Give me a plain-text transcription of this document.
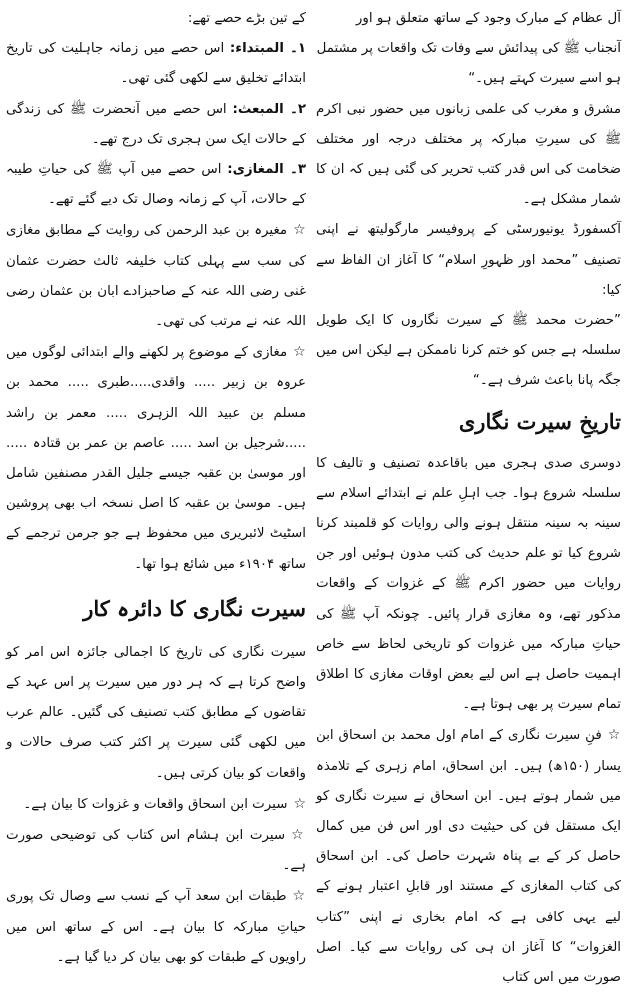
آل عظام کے مبارک وجود کے ساتھ متعلق ہو اور

آنجناب ﷺ کی پیدائش سے وفات تک واقعات پر مشتمل

ہو اسے سیرت کہتے ہیں۔“

مشرق و مغرب کی علمی زبانوں میں حضور نبی اکرم ﷺ کی سیرتِ مبارکہ پر مختلف درجہ اور مختلف ضخامت کی اس قدر کتب تحریر کی گئی ہیں کہ ان کا شمار مشکل ہے۔

آکسفورڈ یونیورسٹی کے پروفیسر مارگولیتھ نے اپنی تصنیف ”محمد اور ظہورِ اسلام“ کا آغاز ان الفاظ سے کیا:

”حضرت محمد ﷺ کے سیرت نگاروں کا ایک طویل سلسلہ ہے جس کو ختم کرنا ناممکن ہے لیکن اس میں جگہ پانا باعث شرف ہے۔“

تاریخِ سیرت نگاری

دوسری صدی ہجری میں باقاعدہ تصنیف و تالیف کا سلسلہ شروع ہوا۔ جب اہلِ علم نے ابتدائے اسلام سے سینہ بہ سینہ منتقل ہونے والی روایات کو قلمبند کرنا شروع کیا تو علم حدیث کی کتب مدون ہوئیں اور جن روایات میں حضور اکرم ﷺ کے غزوات کے واقعات مذکور تھے، وہ مغازی قرار پائیں۔ چونکہ آپ ﷺ کی حیاتِ مبارکہ میں غزوات کو تاریخی لحاظ سے خاص اہمیت حاصل ہے اس لیے بعض اوقات مغازی کا اطلاق تمام سیرت پر بھی ہوتا ہے۔

☆فنِ سیرت نگاری کے امام اول محمد بن اسحاق ابن یسار (۱۵۰ھ) ہیں۔ ابن اسحاق، امام زہری کے تلامذہ میں شمار ہوتے ہیں۔ ابن اسحاق نے سیرت نگاری کو ایک مستقل فن کی حیثیت دی اور اس فن میں کمال حاصل کر کے بے پناہ شہرت حاصل کی۔ ابن اسحاق کی کتاب المغازی کے مستند اور قابلِ اعتبار ہونے کے لیے یہی کافی ہے کہ امام بخاری نے اپنی ”کتاب الغزوات“ کا آغاز ان ہی کی روایات سے کیا۔ اصل صورت میں اس کتاب

کے تین بڑے حصے تھے:

۱۔ المبتداء: اس حصے میں زمانہ جاہلیت کی تاریخ ابتدائے تخلیق سے لکھی گئی تھی۔

۲۔ المبعث: اس حصے میں آنحضرت ﷺ کی زندگی کے حالات ایک سن ہجری تک درج تھے۔

۳۔ المغازی: اس حصے میں آپ ﷺ کی حیاتِ طیبہ کے حالات، آپ کے زمانہ وصال تک دیے گئے تھے۔

☆مغیرہ بن عبد الرحمن کی روایت کے مطابق مغازی کی سب سے پہلی کتاب خلیفہ ثالث حضرت عثمان غنی رضی اللہ عنہ کے صاحبزادے ابان بن عثمان رضی اللہ عنہ نے مرتب کی تھی۔

☆مغازی کے موضوع پر لکھنے والے ابتدائی لوگوں میں عروہ بن زبیر ..... واقدی.....طبری ..... محمد بن مسلم بن عبید اللہ الزہری ..... معمر بن راشد .....شرجیل بن اسد ..... عاصم بن عمر بن قتادہ ..... اور موسیٰ بن عقبہ جیسے جلیل القدر مصنفین شامل ہیں۔ موسیٰ بن عقبہ کا اصل نسخہ اب بھی پروشین اسٹیٹ لائبریری میں محفوظ ہے جو جرمن ترجمے کے ساتھ ۱۹۰۴ء میں شائع ہوا تھا۔

سیرت نگاری کا دائرہ کار

سیرت نگاری کی تاریخ کا اجمالی جائزہ اس امر کو واضح کرتا ہے کہ ہر دور میں سیرت پر اس عہد کے تقاضوں کے مطابق کتب تصنیف کی گئیں۔ عالم عرب میں لکھی گئی سیرت پر اکثر کتب صرف حالات و واقعات کو بیان کرتی ہیں۔

☆سیرت ابن اسحاق واقعات و غزوات کا بیان ہے۔

☆سیرت ابن ہشام اس کتاب کی توضیحی صورت ہے۔

☆طبقات ابن سعد آپ کے نسب سے وصال تک پوری حیاتِ مبارکہ کا بیان ہے۔ اس کے ساتھ اس میں راویوں کے طبقات کو بھی بیان کر دیا گیا ہے۔
